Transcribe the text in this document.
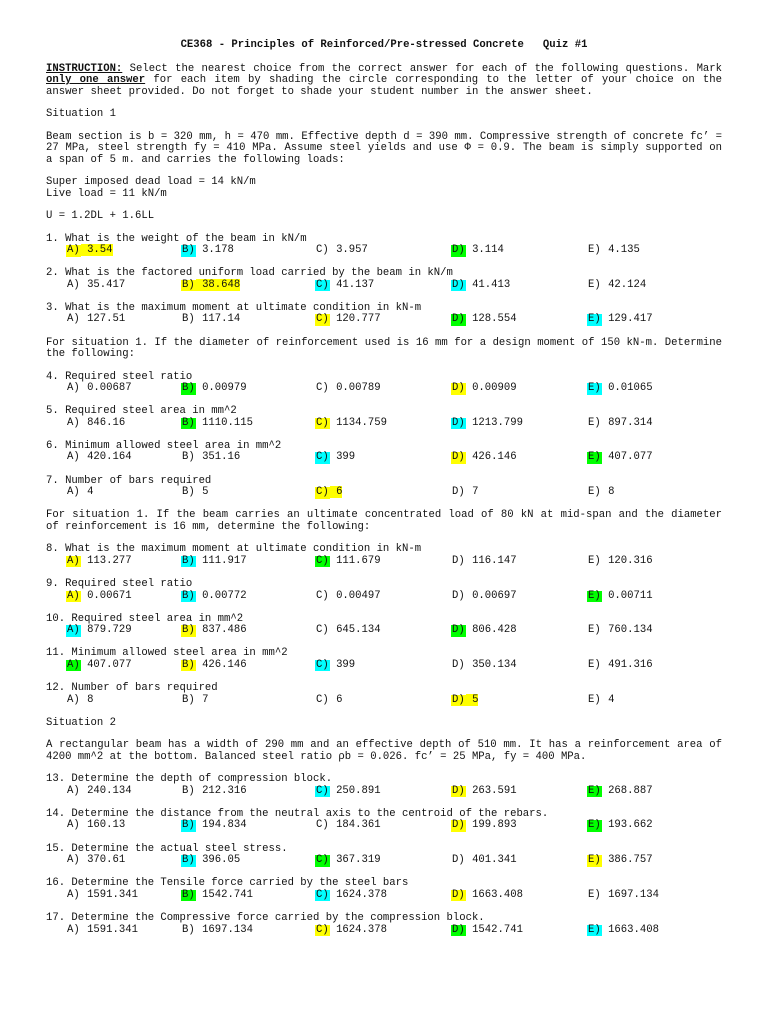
CE368 - Principles of Reinforced/Pre-stressed Concrete   Quiz #1
INSTRUCTION: Select the nearest choice from the correct answer for each of the following questions. Mark only one answer for each item by shading the circle corresponding to the letter of your choice on the answer sheet provided. Do not forget to shade your student number in the answer sheet.
Situation 1
Beam section is b = 320 mm, h = 470 mm. Effective depth d = 390 mm. Compressive strength of concrete fc’ = 27 MPa, steel strength fy = 410 MPa. Assume steel yields and use Φ = 0.9. The beam is simply supported on a span of 5 m. and carries the following loads:
Super imposed dead load = 14 kN/m
Live load = 11 kN/m
U = 1.2DL + 1.6LL
1. What is the weight of the beam in kN/m
A) 3.54	B) 3.178	C) 3.957	D) 3.114	E) 4.135
2. What is the factored uniform load carried by the beam in kN/m
A) 35.417	B) 38.648	C) 41.137	D) 41.413	E) 42.124
3. What is the maximum moment at ultimate condition in kN-m
A) 127.51	B) 117.14	C) 120.777	D) 128.554	E) 129.417
For situation 1. If the diameter of reinforcement used is 16 mm for a design moment of 150 kN-m. Determine the following:
4. Required steel ratio
A) 0.00687	B) 0.00979	C) 0.00789	D) 0.00909	E) 0.01065
5. Required steel area in mm^2
A) 846.16	B) 1110.115	C) 1134.759	D) 1213.799	E) 897.314
6. Minimum allowed steel area in mm^2
A) 420.164	B) 351.16	C) 399	D) 426.146	E) 407.077
7. Number of bars required
A) 4	B) 5	C) 6	D) 7	E) 8
For situation 1. If the beam carries an ultimate concentrated load of 80 kN at mid-span and the diameter of reinforcement is 16 mm, determine the following:
8. What is the maximum moment at ultimate condition in kN-m
A) 113.277	B) 111.917	C) 111.679	D) 116.147	E) 120.316
9. Required steel ratio
A) 0.00671	B) 0.00772	C) 0.00497	D) 0.00697	E) 0.00711
10. Required steel area in mm^2
A) 879.729	B) 837.486	C) 645.134	D) 806.428	E) 760.134
11. Minimum allowed steel area in mm^2
A) 407.077	B) 426.146	C) 399	D) 350.134	E) 491.316
12. Number of bars required
A) 8	B) 7	C) 6	D) 5	E) 4
Situation 2
A rectangular beam has a width of 290 mm and an effective depth of 510 mm. It has a reinforcement area of 4200 mm^2 at the bottom. Balanced steel ratio ρb = 0.026. fc’ = 25 MPa, fy = 400 MPa.
13. Determine the depth of compression block.
A) 240.134	B) 212.316	C) 250.891	D) 263.591	E) 268.887
14. Determine the distance from the neutral axis to the centroid of the rebars.
A) 160.13	B) 194.834	C) 184.361	D) 199.893	E) 193.662
15. Determine the actual steel stress.
A) 370.61	B) 396.05	C) 367.319	D) 401.341	E) 386.757
16. Determine the Tensile force carried by the steel bars
A) 1591.341	B) 1542.741	C) 1624.378	D) 1663.408	E) 1697.134
17. Determine the Compressive force carried by the compression block.
A) 1591.341	B) 1697.134	C) 1624.378	D) 1542.741	E) 1663.408
